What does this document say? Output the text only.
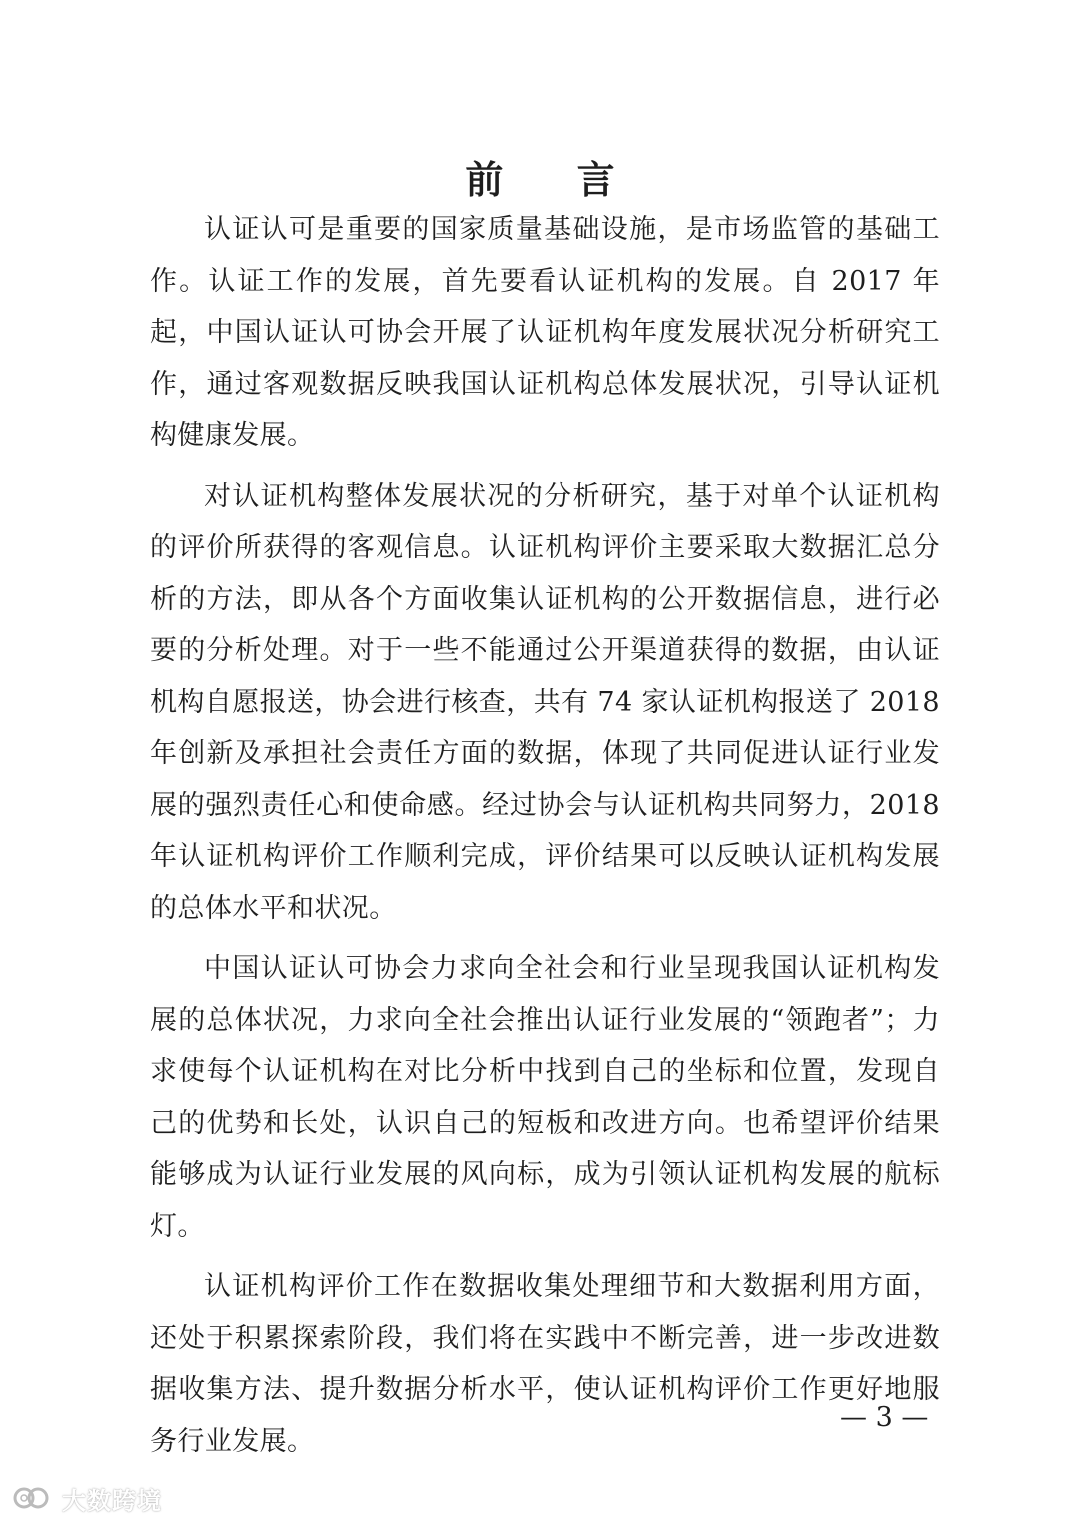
前 言

认证认可是重要的国家质量基础设施，是市场监管的基础工作。认证工作的发展，首先要看认证机构的发展。自 2017 年起，中国认证认可协会开展了认证机构年度发展状况分析研究工作，通过客观数据反映我国认证机构总体发展状况，引导认证机构健康发展。

对认证机构整体发展状况的分析研究，基于对单个认证机构的评价所获得的客观信息。认证机构评价主要采取大数据汇总分析的方法，即从各个方面收集认证机构的公开数据信息，进行必要的分析处理。对于一些不能通过公开渠道获得的数据，由认证机构自愿报送，协会进行核查，共有 74 家认证机构报送了 2018 年创新及承担社会责任方面的数据，体现了共同促进认证行业发展的强烈责任心和使命感。经过协会与认证机构共同努力，2018 年认证机构评价工作顺利完成，评价结果可以反映认证机构发展的总体水平和状况。

中国认证认可协会力求向全社会和行业呈现我国认证机构发展的总体状况，力求向全社会推出认证行业发展的“领跑者”；力求使每个认证机构在对比分析中找到自己的坐标和位置，发现自己的优势和长处，认识自己的短板和改进方向。也希望评价结果能够成为认证行业发展的风向标，成为引领认证机构发展的航标灯。

认证机构评价工作在数据收集处理细节和大数据利用方面，还处于积累探索阶段，我们将在实践中不断完善，进一步改进数据收集方法、提升数据分析水平，使认证机构评价工作更好地服务行业发展。

— 3 —
大数跨境
